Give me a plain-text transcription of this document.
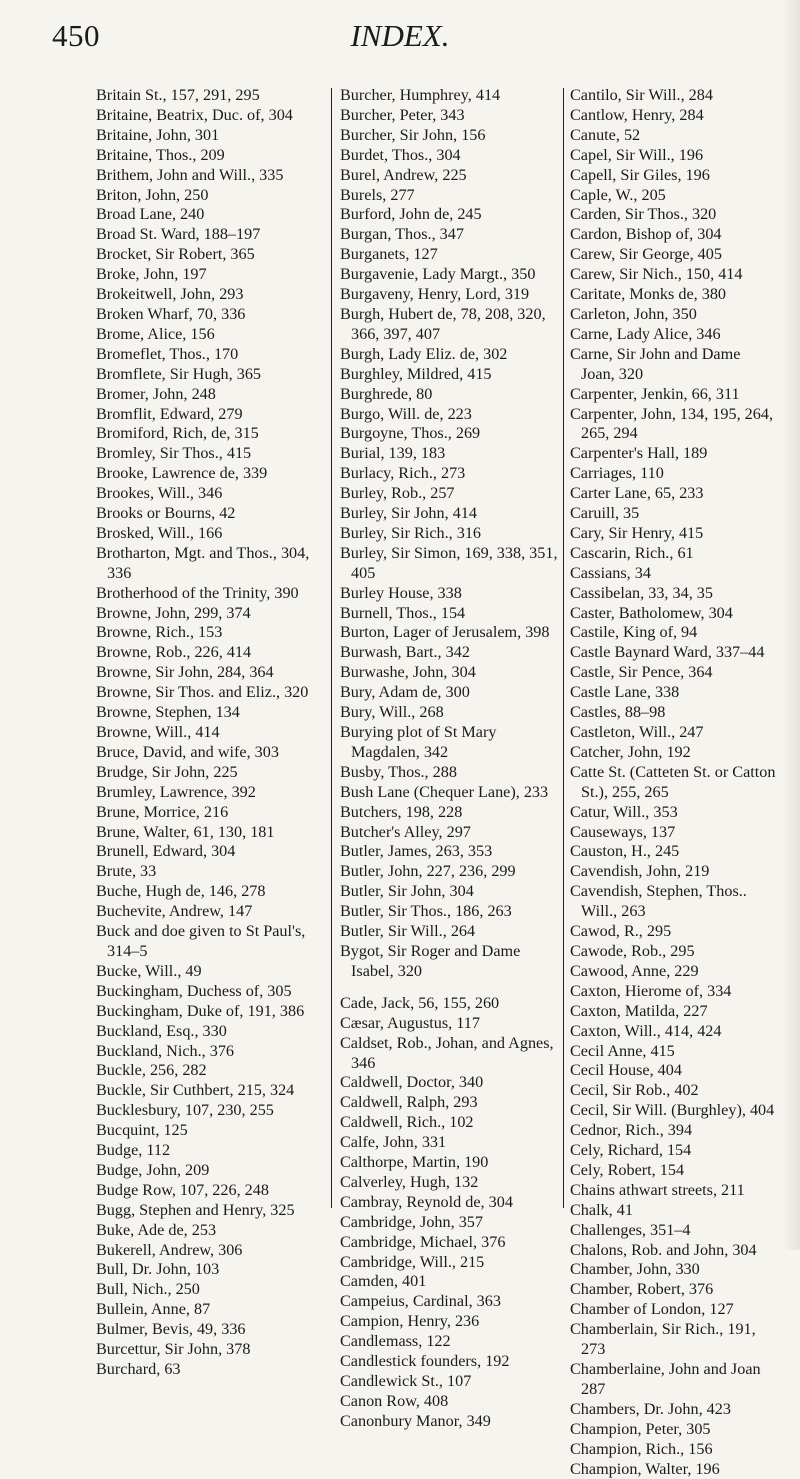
450	INDEX.
Britain St., 157, 291, 295
Britaine, Beatrix, Duc. of, 304
Britaine, John, 301
Britaine, Thos., 209
Brithem, John and Will., 335
Briton, John, 250
Broad Lane, 240
Broad St. Ward, 188–197
Brocket, Sir Robert, 365
Broke, John, 197
Brokeitwell, John, 293
Broken Wharf, 70, 336
Brome, Alice, 156
Bromeflet, Thos., 170
Bromflete, Sir Hugh, 365
Bromer, John, 248
Bromflit, Edward, 279
Bromiford, Rich, de, 315
Bromley, Sir Thos., 415
Brooke, Lawrence de, 339
Brookes, Will., 346
Brooks or Bourns, 42
Brosked, Will., 166
Brotharton, Mgt. and Thos., 304, 336
Brotherhood of the Trinity, 390
Browne, John, 299, 374
Browne, Rich., 153
Browne, Rob., 226, 414
Browne, Sir John, 284, 364
Browne, Sir Thos. and Eliz., 320
Browne, Stephen, 134
Browne, Will., 414
Bruce, David, and wife, 303
Brudge, Sir John, 225
Brumley, Lawrence, 392
Brune, Morrice, 216
Brune, Walter, 61, 130, 181
Brunell, Edward, 304
Brute, 33
Buche, Hugh de, 146, 278
Buchevite, Andrew, 147
Buck and doe given to St Paul's, 314–5
Bucke, Will., 49
Buckingham, Duchess of, 305
Buckingham, Duke of, 191, 386
Buckland, Esq., 330
Buckland, Nich., 376
Buckle, 256, 282
Buckle, Sir Cuthbert, 215, 324
Bucklesbury, 107, 230, 255
Bucquint, 125
Budge, 112
Budge, John, 209
Budge Row, 107, 226, 248
Bugg, Stephen and Henry, 325
Buke, Ade de, 253
Bukerell, Andrew, 306
Bull, Dr. John, 103
Bull, Nich., 250
Bullein, Anne, 87
Bulmer, Bevis, 49, 336
Burcettur, Sir John, 378
Burchard, 63
Burcher, Humphrey, 414
Burcher, Peter, 343
Burcher, Sir John, 156
Burdet, Thos., 304
Burel, Andrew, 225
Burels, 277
Burford, John de, 245
Burgan, Thos., 347
Burganets, 127
Burgavenie, Lady Margt., 350
Burgaveny, Henry, Lord, 319
Burgh, Hubert de, 78, 208, 320, 366, 397, 407
Burgh, Lady Eliz. de, 302
Burghley, Mildred, 415
Burghrede, 80
Burgo, Will. de, 223
Burgoyne, Thos., 269
Burial, 139, 183
Burlacy, Rich., 273
Burley, Rob., 257
Burley, Sir John, 414
Burley, Sir Rich., 316
Burley, Sir Simon, 169, 338, 351, 405
Burley House, 338
Burnell, Thos., 154
Burton, Lager of Jerusalem, 398
Burwash, Bart., 342
Burwashe, John, 304
Bury, Adam de, 300
Bury, Will., 268
Burying plot of St Mary Magdalen, 342
Busby, Thos., 288
Bush Lane (Chequer Lane), 233
Butchers, 198, 228
Butcher's Alley, 297
Butler, James, 263, 353
Butler, John, 227, 236, 299
Butler, Sir John, 304
Butler, Sir Thos., 186, 263
Butler, Sir Will., 264
Bygot, Sir Roger and Dame Isabel, 320
Cade, Jack, 56, 155, 260
Cæsar, Augustus, 117
Caldset, Rob., Johan, and Agnes, 346
Caldwell, Doctor, 340
Caldwell, Ralph, 293
Caldwell, Rich., 102
Calfe, John, 331
Calthorpe, Martin, 190
Calverley, Hugh, 132
Cambray, Reynold de, 304
Cambridge, John, 357
Cambridge, Michael, 376
Cambridge, Will., 215
Camden, 401
Campeius, Cardinal, 363
Campion, Henry, 236
Candlemass, 122
Candlestick founders, 192
Candlewick St., 107
Canon Row, 408
Canonbury Manor, 349
Cantilo, Sir Will., 284
Cantlow, Henry, 284
Canute, 52
Capel, Sir Will., 196
Capell, Sir Giles, 196
Caple, W., 205
Carden, Sir Thos., 320
Cardon, Bishop of, 304
Carew, Sir George, 405
Carew, Sir Nich., 150, 414
Caritate, Monks de, 380
Carleton, John, 350
Carne, Lady Alice, 346
Carne, Sir John and Dame Joan, 320
Carpenter, Jenkin, 66, 311
Carpenter, John, 134, 195, 264, 265, 294
Carpenter's Hall, 189
Carriages, 110
Carter Lane, 65, 233
Caruill, 35
Cary, Sir Henry, 415
Cascarin, Rich., 61
Cassians, 34
Cassibelan, 33, 34, 35
Caster, Batholomew, 304
Castile, King of, 94
Castle Baynard Ward, 337–44
Castle, Sir Pence, 364
Castle Lane, 338
Castles, 88–98
Castleton, Will., 247
Catcher, John, 192
Catte St. (Catteten St. or Catton St.), 255, 265
Catur, Will., 353
Causeways, 137
Causton, H., 245
Cavendish, John, 219
Cavendish, Stephen, Thos.. Will., 263
Cawod, R., 295
Cawode, Rob., 295
Cawood, Anne, 229
Caxton, Hierome of, 334
Caxton, Matilda, 227
Caxton, Will., 414, 424
Cecil Anne, 415
Cecil House, 404
Cecil, Sir Rob., 402
Cecil, Sir Will. (Burghley), 404
Cednor, Rich., 394
Cely, Richard, 154
Cely, Robert, 154
Chains athwart streets, 211
Chalk, 41
Challenges, 351–4
Chalons, Rob. and John, 304
Chamber, John, 330
Chamber, Robert, 376
Chamber of London, 127
Chamberlain, Sir Rich., 191, 273
Chamberlaine, John and Joan 287
Chambers, Dr. John, 423
Champion, Peter, 305
Champion, Rich., 156
Champion, Walter, 196
